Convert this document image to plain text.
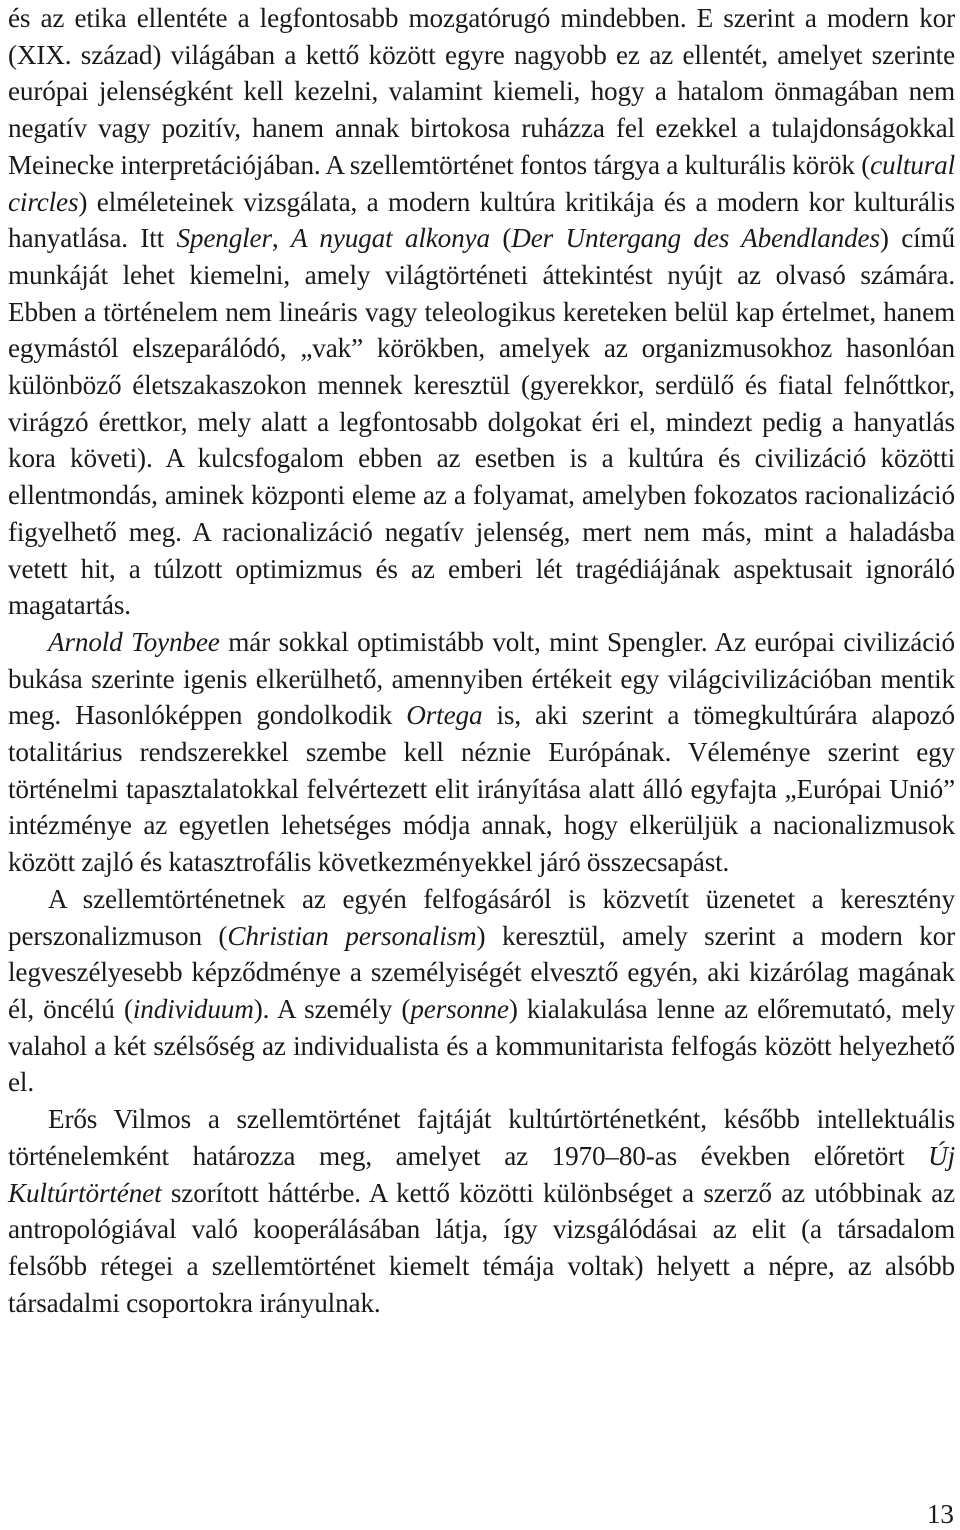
és az etika ellentéte a legfontosabb mozgatórugó mindebben. E szerint a modern kor (XIX. század) világában a kettő között egyre nagyobb ez az ellentét, amelyet szerinte európai jelenségként kell kezelni, valamint kiemeli, hogy a hatalom önmagában nem negatív vagy pozitív, hanem annak birtokosa ruházza fel ezekkel a tulajdonságokkal Meinecke interpretációjában. A szellemtörténet fontos tárgya a kulturális körök (cultural circles) elméleteinek vizsgálata, a modern kultúra kritikája és a modern kor kulturális hanyatlása. Itt Spengler, A nyugat alkonya (Der Untergang des Abendlandes) című munkáját lehet kiemelni, amely világtörténeti áttekintést nyújt az olvasó számára. Ebben a történelem nem lineáris vagy teleologikus kereteken belül kap értelmet, hanem egymástól elszeparálódó, „vak” körökben, amelyek az organizmusokhoz hasonlóan különböző életszakaszokon mennek keresztül (gyerekkor, serdülő és fiatal felnőttkor, virágzó érettkor, mely alatt a legfontosabb dolgokat éri el, mindezt pedig a hanyatlás kora követi). A kulcsfogalom ebben az esetben is a kultúra és civilizáció közötti ellentmondás, aminek központi eleme az a folyamat, amelyben fokozatos racionalizáció figyelhető meg. A racionalizáció negatív jelenség, mert nem más, mint a haladásba vetett hit, a túlzott optimizmus és az emberi lét tragédiájának aspektusait ignoráló magatartás.

Arnold Toynbee már sokkal optimistább volt, mint Spengler. Az európai civilizáció bukása szerinte igenis elkerülhető, amennyiben értékeit egy világcivilizációban mentik meg. Hasonlóképpen gondolkodik Ortega is, aki szerint a tömegkultúrára alapozó totalitárius rendszerekkel szembe kell néznie Európának. Véleménye szerint egy történelmi tapasztalatokkal felvértezett elit irányítása alatt álló egyfajta „Európai Unió” intézménye az egyetlen lehetséges módja annak, hogy elkerüljük a nacionalizmusok között zajló és katasztrofális következményekkel járó összecsapást.

A szellemtörténetnek az egyén felfogásáról is közvetít üzenetet a keresztény perszonalizmuson (Christian personalism) keresztül, amely szerint a modern kor legveszélyesebb képződménye a személyiségét elvesztő egyén, aki kizárólag magának él, öncélú (individuum). A személy (personne) kialakulása lenne az előremutató, mely valahol a két szélsőség az individualista és a kommunitarista felfogás között helyezhető el.

Erős Vilmos a szellemtörténet fajtáját kultúrtörténetként, később intellektuális történelemként határozza meg, amelyet az 1970–80-as években előretört Új Kultúrtörténet szorított háttérbe. A kettő közötti különbséget a szerző az utóbbinak az antropológiával való kooperálásában látja, így vizsgálódásai az elit (a társadalom felsőbb rétegei a szellemtörténet kiemelt témája voltak) helyett a népre, az alsóbb társadalmi csoportokra irányulnak.

13
